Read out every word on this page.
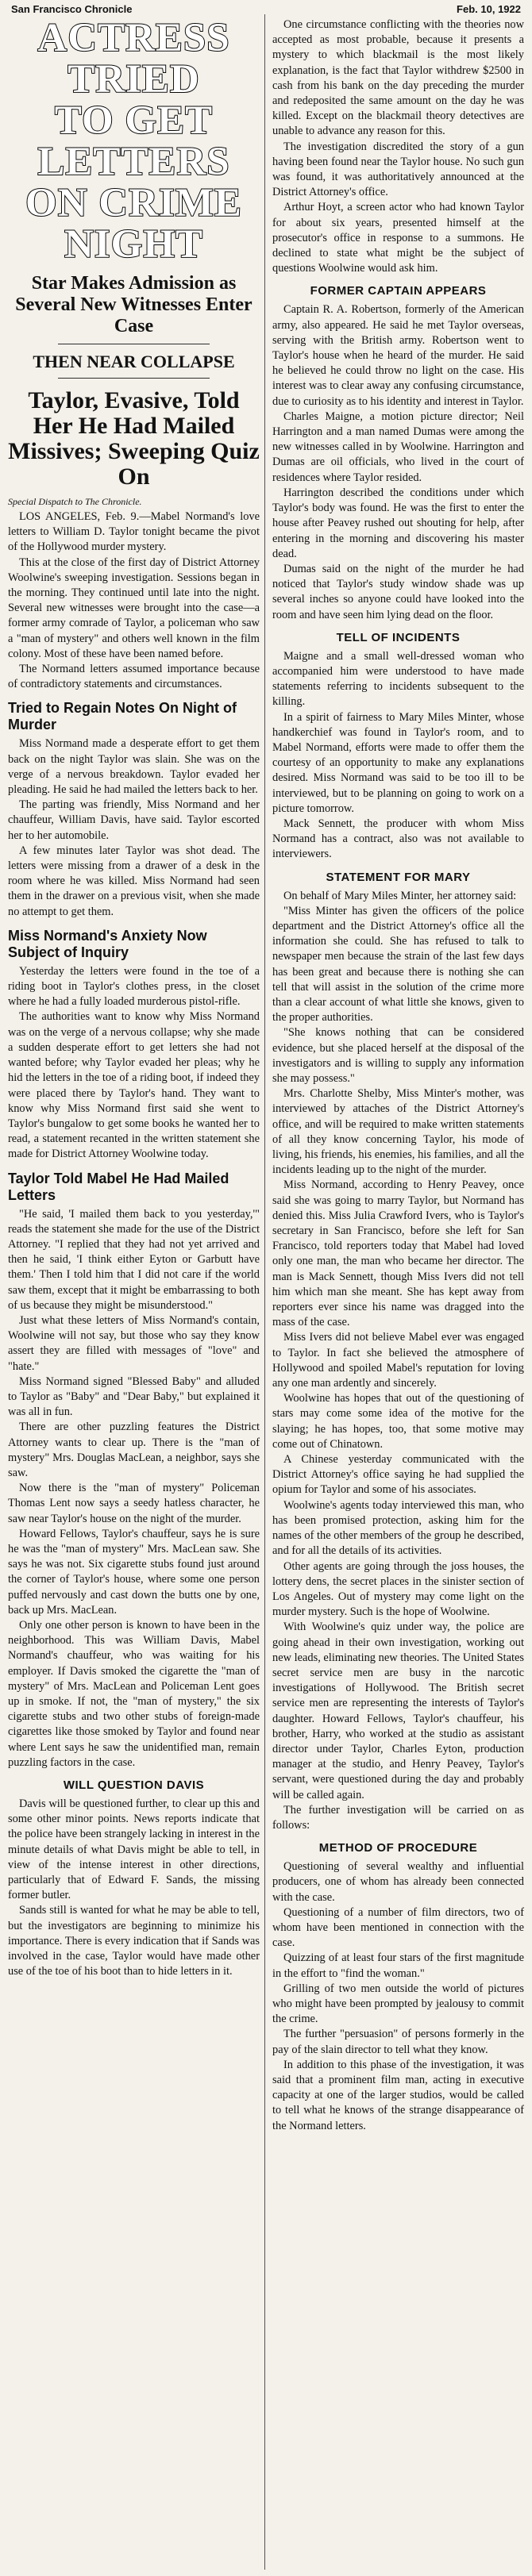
San Francisco Chronicle	Feb. 10, 1922
ACTRESS TRIED
TO GET LETTERS
ON CRIME NIGHT
Star Makes Admission as Several New Witnesses Enter Case
THEN NEAR COLLAPSE
Taylor, Evasive, Told Her He Had Mailed Missives; Sweeping Quiz On
Special Dispatch to The Chronicle.

LOS ANGELES, Feb. 9.—Mabel Normand's love letters to William D. Taylor tonight became the pivot of the Hollywood murder mystery.

This at the close of the first day of District Attorney Woolwine's sweeping investigation. Sessions began in the morning. They continued until late into the night. Several new witnesses were brought into the case—a former army comrade of Taylor, a policeman who saw a "man of mystery" and others well known in the film colony. Most of these have been named before.

The Normand letters assumed importance because of contradictory statements and circumstances.

Tried to Regain Notes On Night of Murder

Miss Normand made a desperate effort to get them back on the night Taylor was slain. She was on the verge of a nervous breakdown. Taylor evaded her pleading. He said he had mailed the letters back to her.

The parting was friendly, Miss Normand and her chauffeur, William Davis, have said. Taylor escorted her to her automobile.

A few minutes later Taylor was shot dead. The letters were missing from a drawer of a desk in the room where he was killed. Miss Normand had seen them in the drawer on a previous visit, when she made no attempt to get them.

Miss Normand's Anxiety Now Subject of Inquiry

Yesterday the letters were found in the toe of a riding boot in Taylor's clothes press, in the closet where he had a fully loaded murderous pistol-rifle.

The authorities want to know why Miss Normand was on the verge of a nervous collapse; why she made a sudden desperate effort to get letters she had not wanted before; why Taylor evaded her pleas; why he hid the letters in the toe of a riding boot, if indeed they were placed there by Taylor's hand. They want to know why Miss Normand first said she went to Taylor's bungalow to get some books he wanted her to read, a statement recanted in the written statement she made for District Attorney Woolwine today.

Taylor Told Mabel He Had Mailed Letters

"He said, 'I mailed them back to you yesterday,'" reads the statement she made for the use of the District Attorney. "I replied that they had not yet arrived and then he said, 'I think either Eyton or Garbutt have them.' Then I told him that I did not care if the world saw them, except that it might be embarrassing to both of us because they might be misunderstood."

Just what these letters of Miss Normand's contain, Woolwine will not say, but those who say they know assert they are filled with messages of "love" and "hate."

Miss Normand signed "Blessed Baby" and alluded to Taylor as "Baby" and "Dear Baby," but explained it was all in fun.

There are other puzzling features the District Attorney wants to clear up. There is the "man of mystery" Mrs. Douglas MacLean, a neighbor, says she saw.

Now there is the "man of mystery" Policeman Thomas Lent now says a seedy hatless character, he saw near Taylor's house on the night of the murder.

Howard Fellows, Taylor's chauffeur, says he is sure he was the "man of mystery" Mrs. MacLean saw. She says he was not. Six cigarette stubs found just around the corner of Taylor's house, where some one person puffed nervously and cast down the butts one by one, back up Mrs. MacLean.

Only one other person is known to have been in the neighborhood. This was William Davis, Mabel Normand's chauffeur, who was waiting for his employer. If Davis smoked the cigarette the "man of mystery" of Mrs. MacLean and Policeman Lent goes up in smoke. If not, the "man of mystery," the six cigarette stubs and two other stubs of foreign-made cigarettes like those smoked by Taylor and found near where Lent says he saw the unidentified man, remain puzzling factors in the case.

WILL QUESTION DAVIS

Davis will be questioned further, to clear up this and some other minor points. News reports indicate that the police have been strangely lacking in interest in the minute details of what Davis might be able to tell, in view of the intense interest in other directions, particularly that of Edward F. Sands, the missing former butler.

Sands still is wanted for what he may be able to tell, but the investigators are beginning to minimize his importance. There is every indication that if Sands was involved in the case, Taylor would have made other use of the toe of his boot than to hide letters in it.

One circumstance conflicting with the theories now accepted as most probable, because it presents a mystery to which blackmail is the most likely explanation, is the fact that Taylor withdrew $2500 in cash from his bank on the day preceding the murder and redeposited the same amount on the day he was killed. Except on the blackmail theory detectives are unable to advance any reason for this.

The investigation discredited the story of a gun having been found near the Taylor house. No such gun was found, it was authoritatively announced at the District Attorney's office.

Arthur Hoyt, a screen actor who had known Taylor for about six years, presented himself at the prosecutor's office in response to a summons. He declined to state what might be the subject of questions Woolwine would ask him.

FORMER CAPTAIN APPEARS

Captain R. A. Robertson, formerly of the American army, also appeared. He said he met Taylor overseas, serving with the British army. Robertson went to Taylor's house when he heard of the murder. He said he believed he could throw no light on the case. His interest was to clear away any confusing circumstance, due to curiosity as to his identity and interest in Taylor.

Charles Maigne, a motion picture director; Neil Harrington and a man named Dumas were among the new witnesses called in by Woolwine. Harrington and Dumas are oil officials, who lived in the court of residences where Taylor resided.

Harrington described the conditions under which Taylor's body was found. He was the first to enter the house after Peavey rushed out shouting for help, after entering in the morning and discovering his master dead.

Dumas said on the night of the murder he had noticed that Taylor's study window shade was up several inches so anyone could have looked into the room and have seen him lying dead on the floor.

TELL OF INCIDENTS

Maigne and a small well-dressed woman who accompanied him were understood to have made statements referring to incidents subsequent to the killing.

In a spirit of fairness to Mary Miles Minter, whose handkerchief was found in Taylor's room, and to Mabel Normand, efforts were made to offer them the courtesy of an opportunity to make any explanations desired. Miss Normand was said to be too ill to be interviewed, but to be planning on going to work on a picture tomorrow.

Mack Sennett, the producer with whom Miss Normand has a contract, also was not available to interviewers.

STATEMENT FOR MARY

On behalf of Mary Miles Minter, her attorney said:

"Miss Minter has given the officers of the police department and the District Attorney's office all the information she could. She has refused to talk to newspaper men because the strain of the last few days has been great and because there is nothing she can tell that will assist in the solution of the crime more than a clear account of what little she knows, given to the proper authorities.

"She knows nothing that can be considered evidence, but she placed herself at the disposal of the investigators and is willing to supply any information she may possess."

Mrs. Charlotte Shelby, Miss Minter's mother, was interviewed by attaches of the District Attorney's office, and will be required to make written statements of all they know concerning Taylor, his mode of living, his friends, his enemies, his families, and all the incidents leading up to the night of the murder.

Miss Normand, according to Henry Peavey, once said she was going to marry Taylor, but Normand has denied this. Miss Julia Crawford Ivers, who is Taylor's secretary in San Francisco, before she left for San Francisco, told reporters today that Mabel had loved only one man, the man who became her director. The man is Mack Sennett, though Miss Ivers did not tell him which man she meant. She has kept away from reporters ever since his name was dragged into the mass of the case.

Miss Ivers did not believe Mabel ever was engaged to Taylor. In fact she believed the atmosphere of Hollywood and spoiled Mabel's reputation for loving any one man ardently and sincerely.

Woolwine has hopes that out of the questioning of stars may come some idea of the motive for the slaying; he has hopes, too, that some motive may come out of Chinatown.

A Chinese yesterday communicated with the District Attorney's office saying he had supplied the opium for Taylor and some of his associates.

Woolwine's agents today interviewed this man, who has been promised protection, asking him for the names of the other members of the group he described, and for all the details of its activities.

Other agents are going through the joss houses, the lottery dens, the secret places in the sinister section of Los Angeles. Out of mystery may come light on the murder mystery. Such is the hope of Woolwine.

With Woolwine's quiz under way, the police are going ahead in their own investigation, working out new leads, eliminating new theories. The United States secret service men are busy in the narcotic investigations of Hollywood. The British secret service men are representing the interests of Taylor's daughter. Howard Fellows, Taylor's chauffeur, his brother, Harry, who worked at the studio as assistant director under Taylor, Charles Eyton, production manager at the studio, and Henry Peavey, Taylor's servant, were questioned during the day and probably will be called again.

The further investigation will be carried on as follows:

METHOD OF PROCEDURE

Questioning of several wealthy and influential producers, one of whom has already been connected with the case.

Questioning of a number of film directors, two of whom have been mentioned in connection with the case.

Quizzing of at least four stars of the first magnitude in the effort to "find the woman."

Grilling of two men outside the world of pictures who might have been prompted by jealousy to commit the crime.

The further "persuasion" of persons formerly in the pay of the slain director to tell what they know.

In addition to this phase of the investigation, it was said that a prominent film man, acting in executive capacity at one of the larger studios, would be called to tell what he knows of the strange disappearance of the Normand letters.
